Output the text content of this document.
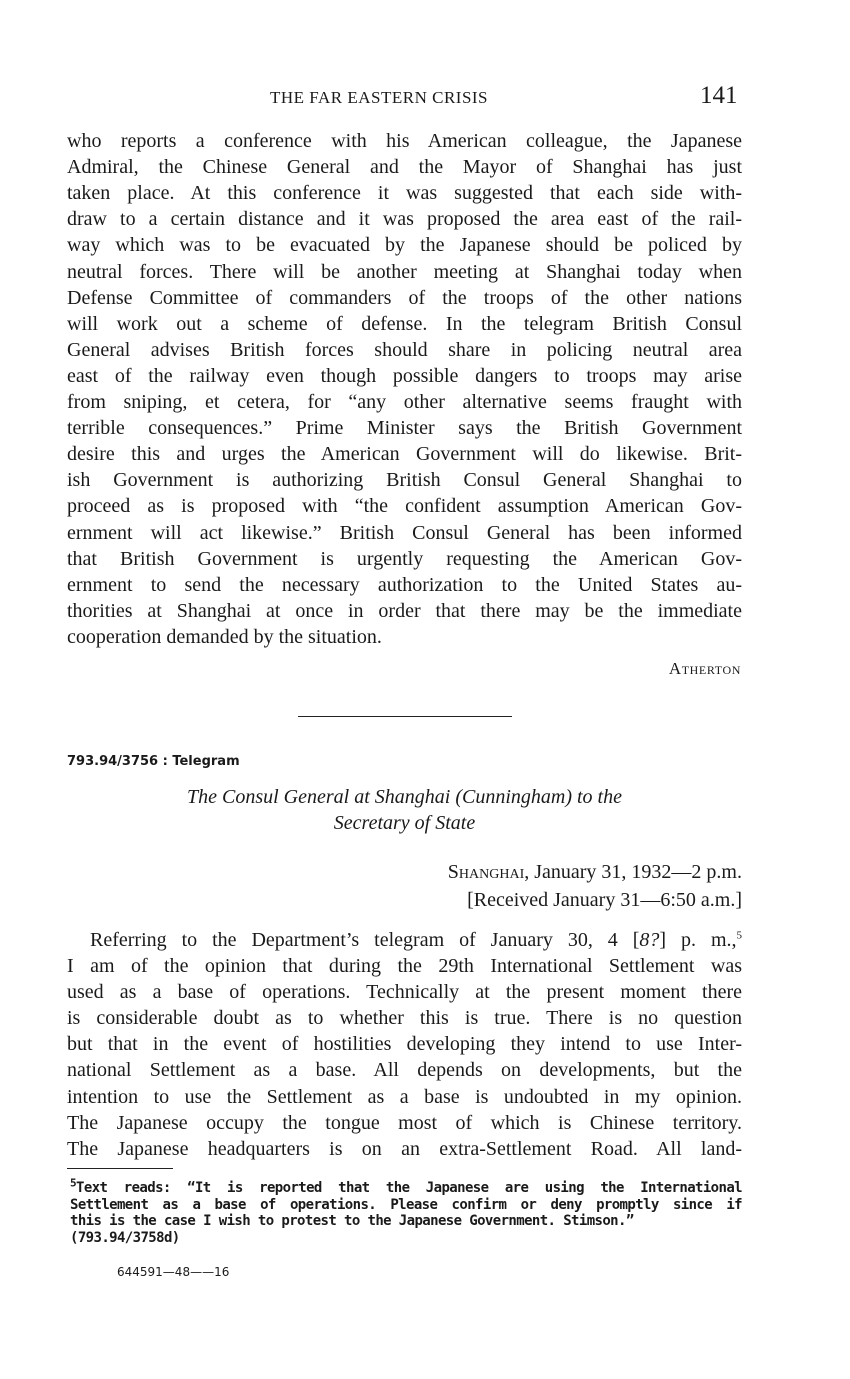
THE FAR EASTERN CRISIS	141
who reports a conference with his American colleague, the Japanese
Admiral, the Chinese General and the Mayor of Shanghai has just
taken place. At this conference it was suggested that each side with-
draw to a certain distance and it was proposed the area east of the rail-
way which was to be evacuated by the Japanese should be policed by
neutral forces. There will be another meeting at Shanghai today when
Defense Committee of commanders of the troops of the other nations
will work out a scheme of defense. In the telegram British Consul
General advises British forces should share in policing neutral area
east of the railway even though possible dangers to troops may arise
from sniping, et cetera, for “any other alternative seems fraught with
terrible consequences.” Prime Minister says the British Government
desire this and urges the American Government will do likewise. Brit-
ish Government is authorizing British Consul General Shanghai to
proceed as is proposed with “the confident assumption American Gov-
ernment will act likewise.” British Consul General has been informed
that British Government is urgently requesting the American Gov-
ernment to send the necessary authorization to the United States au-
thorities at Shanghai at once in order that there may be the immediate
cooperation demanded by the situation.
Atherton
793.94/3756 : Telegram
The Consul General at Shanghai (Cunningham) to the
Secretary of State
Shanghai, January 31, 1932—2 p.m.
[Received January 31—6:50 a.m.]
Referring to the Department’s telegram of January 30, 4 [8?] p. m.,$^5$
I am of the opinion that during the 29th International Settlement was
used as a base of operations. Technically at the present moment there
is considerable doubt as to whether this is true. There is no question
but that in the event of hostilities developing they intend to use Inter-
national Settlement as a base. All depends on developments, but the
intention to use the Settlement as a base is undoubted in my opinion.
The Japanese occupy the tongue most of which is Chinese territory.
The Japanese headquarters is on an extra-Settlement Road. All land-
$^5$Text reads: “It is reported that the Japanese are using the International
Settlement as a base of operations. Please confirm or deny promptly since if
this is the case I wish to protest to the Japanese Government. Stimson.”
(793.94/3758d)
644591—48——16
